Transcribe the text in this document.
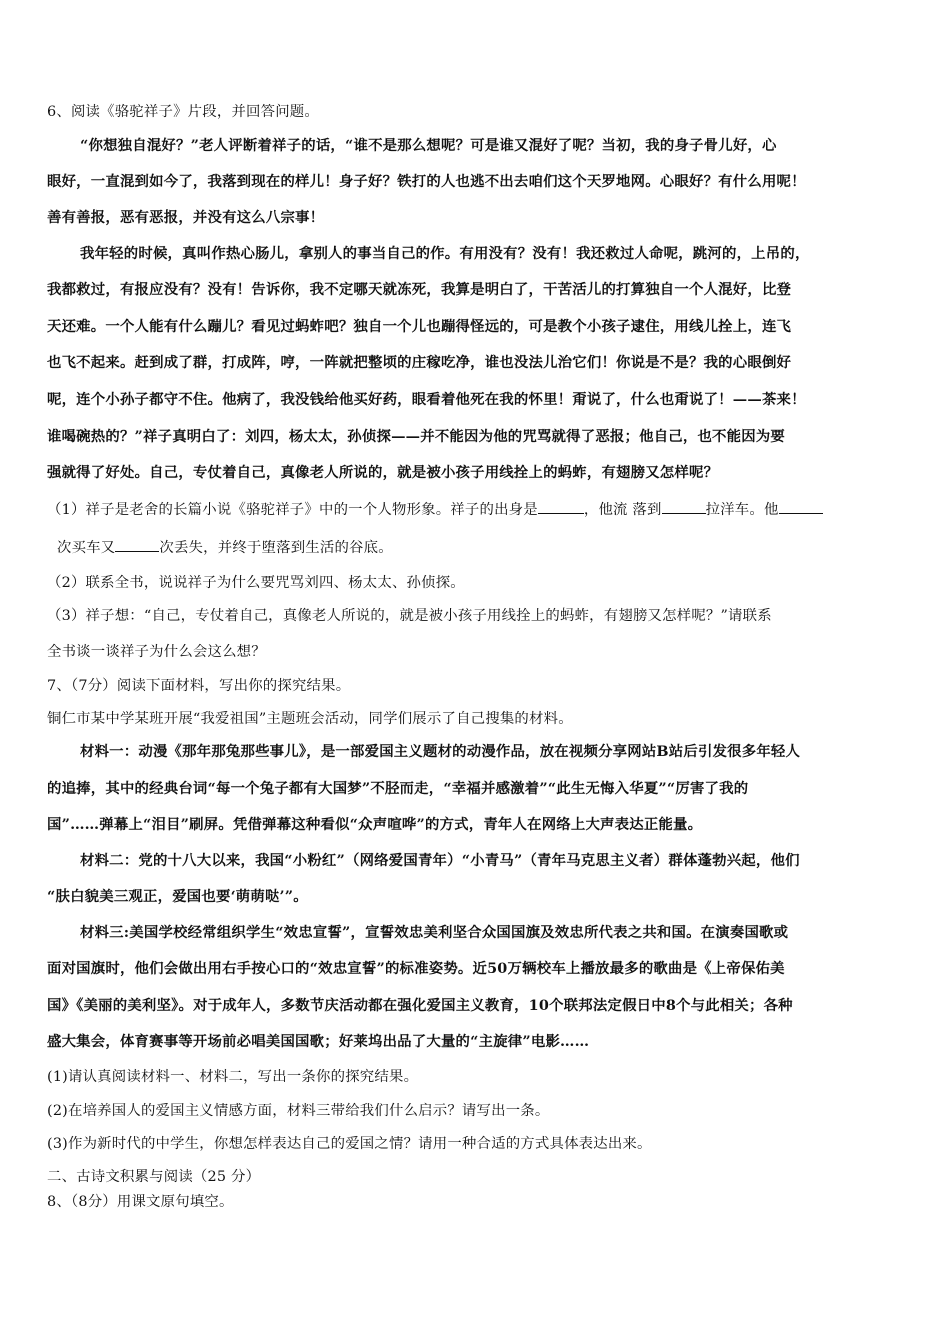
6、阅读《骆驼祥子》片段，并回答问题。
“你想独自混好？”老人评断着祥子的话，“谁不是那么想呢？可是谁又混好了呢？当初，我的身子骨儿好，心
眼好，一直混到如今了，我落到现在的样儿！身子好？铁打的人也逃不出去咱们这个天罗地网。心眼好？有什么用呢！
善有善报，恶有恶报，并没有这么八宗事！
我年轻的时候，真叫作热心肠儿，拿别人的事当自己的作。有用没有？没有！我还救过人命呢，跳河的，上吊的，
我都救过，有报应没有？没有！告诉你，我不定哪天就冻死，我算是明白了，干苦活儿的打算独自一个人混好，比登
天还难。一个人能有什么蹦儿？看见过蚂蚱吧？独自一个儿也蹦得怪远的，可是教个小孩子逮住，用线儿拴上，连飞
也飞不起来。赶到成了群，打成阵，哼，一阵就把整顷的庄稼吃净，谁也没法儿治它们！你说是不是？我的心眼倒好
呢，连个小孙子都守不住。他病了，我没钱给他买好药，眼看着他死在我的怀里！甭说了，什么也甭说了！——茶来！
谁喝碗热的？”祥子真明白了：刘四，杨太太，孙侦探——并不能因为他的咒骂就得了恶报；他自己，也不能因为要
强就得了好处。自己，专仗着自己，真像老人所说的，就是被小孩子用线拴上的蚂蚱，有翅膀又怎样呢？
（1）祥子是老舍的长篇小说《骆驼祥子》中的一个人物形象。祥子的出身是	，他流 落到	拉洋车。他
次买车又	次丢失，并终于堕落到生活的谷底。
（2）联系全书，说说祥子为什么要咒骂刘四、杨太太、孙侦探。
（3）祥子想：“自己，专仗着自己，真像老人所说的，就是被小孩子用线拴上的蚂蚱，有翅膀又怎样呢？”请联系
全书谈一谈祥子为什么会这么想？
7、（7分）阅读下面材料，写出你的探究结果。
铜仁市某中学某班开展“我爱祖国”主题班会活动，同学们展示了自己搜集的材料。
材料一：动漫《那年那兔那些事儿》，是一部爱国主义题材的动漫作品，放在视频分享网站B站后引发很多年轻人
的追捧，其中的经典台词“每一个兔子都有大国梦”不胫而走，“幸福并感激着”“此生无悔入华夏”“厉害了我的
国”……弹幕上“泪目”刷屏。凭借弹幕这种看似“众声喧哗”的方式，青年人在网络上大声表达正能量。
材料二：党的十八大以来，我国“小粉红”（网络爱国青年）“小青马”（青年马克思主义者）群体蓬勃兴起，他们
“肤白貌美三观正，爱国也要‘萌萌哒’”。
材料三:美国学校经常组织学生“效忠宣誓”，宣誓效忠美利坚合众国国旗及效忠所代表之共和国。在演奏国歌或
面对国旗时，他们会做出用右手按心口的“效忠宣誓”的标准姿势。近50万辆校车上播放最多的歌曲是《上帝保佑美
国》《美丽的美利坚》。对于成年人，多数节庆活动都在强化爱国主义教育，10个联邦法定假日中8个与此相关；各种
盛大集会，体育赛事等开场前必唱美国国歌；好莱坞出品了大量的“主旋律”电影……
(1)请认真阅读材料一、材料二，写出一条你的探究结果。
(2)在培养国人的爱国主义情感方面，材料三带给我们什么启示？请写出一条。
(3)作为新时代的中学生，你想怎样表达自己的爱国之情？请用一种合适的方式具体表达出来。
二、古诗文积累与阅读（25 分）
8、（8分）用课文原句填空。
